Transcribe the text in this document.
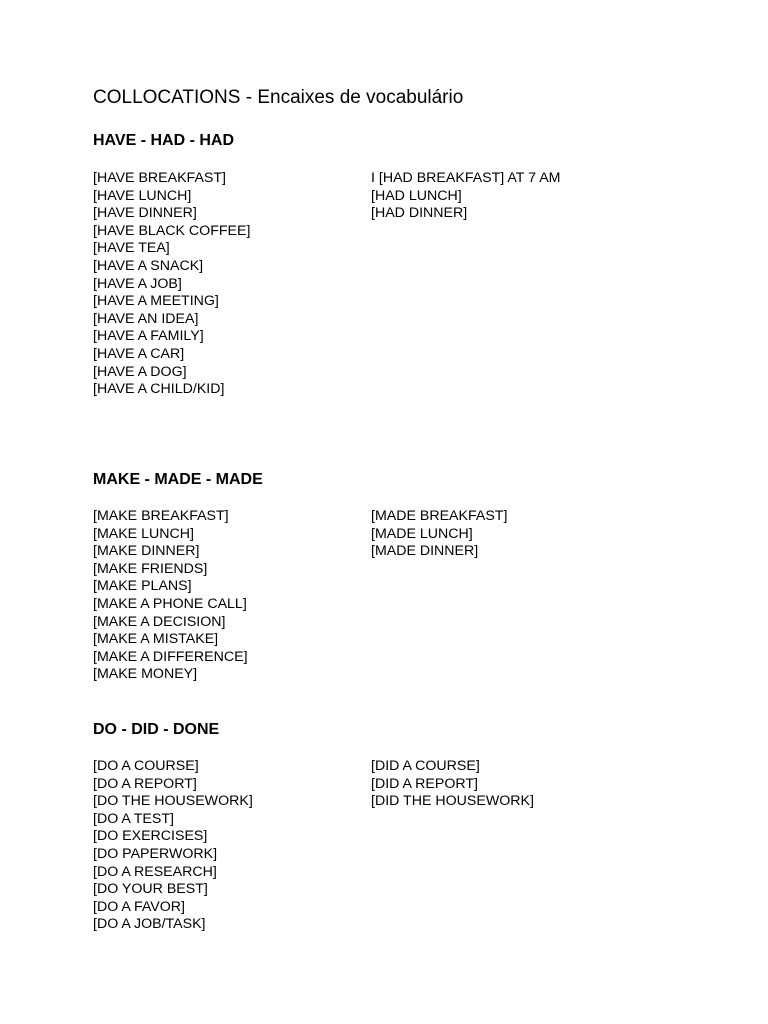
COLLOCATIONS - Encaixes de vocabulário
HAVE - HAD - HAD
[HAVE BREAKFAST]
[HAVE LUNCH]
[HAVE DINNER]
[HAVE BLACK COFFEE]
[HAVE TEA]
[HAVE A SNACK]
[HAVE A JOB]
[HAVE A MEETING]
[HAVE AN IDEA]
[HAVE A FAMILY]
[HAVE A CAR]
[HAVE A DOG]
[HAVE A CHILD/KID]
I [HAD BREAKFAST] AT 7 AM
[HAD LUNCH]
[HAD DINNER]
MAKE - MADE - MADE
[MAKE BREAKFAST]
[MAKE LUNCH]
[MAKE DINNER]
[MAKE FRIENDS]
[MAKE PLANS]
[MAKE A PHONE CALL]
[MAKE A DECISION]
[MAKE A MISTAKE]
[MAKE A DIFFERENCE]
[MAKE MONEY]
[MADE BREAKFAST]
[MADE LUNCH]
[MADE DINNER]
DO - DID - DONE
[DO A COURSE]
[DO A REPORT]
[DO THE HOUSEWORK]
[DO A TEST]
[DO EXERCISES]
[DO PAPERWORK]
[DO A RESEARCH]
[DO YOUR BEST]
[DO A FAVOR]
[DO A JOB/TASK]
[DID A COURSE]
[DID A REPORT]
[DID THE HOUSEWORK]
